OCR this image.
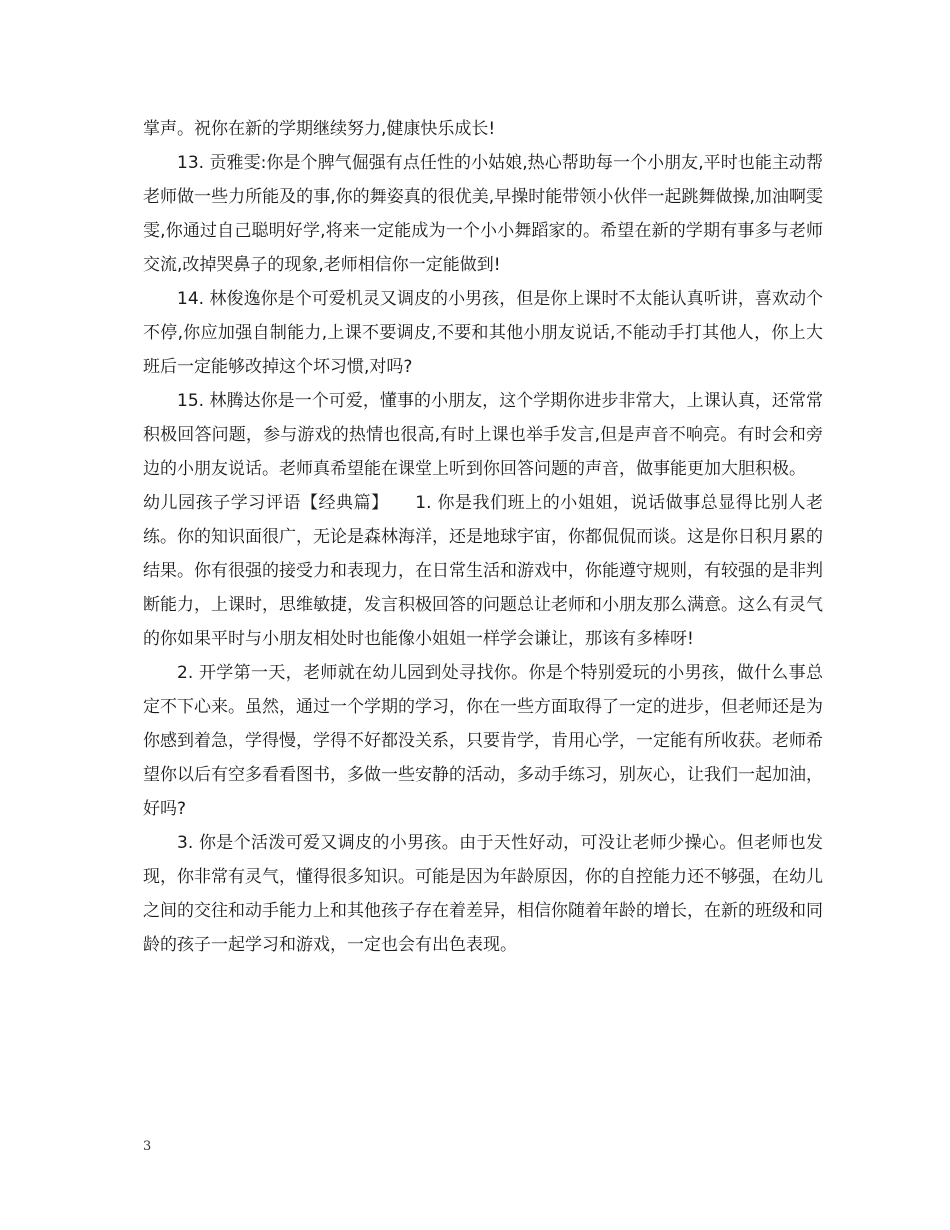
掌声。祝你在新的学期继续努力,健康快乐成长!

13. 贡雅雯:你是个脾气倔强有点任性的小姑娘,热心帮助每一个小朋友,平时也能主动帮老师做一些力所能及的事,你的舞姿真的很优美,早操时能带领小伙伴一起跳舞做操,加油啊雯雯,你通过自己聪明好学,将来一定能成为一个小小舞蹈家的。希望在新的学期有事多与老师交流,改掉哭鼻子的现象,老师相信你一定能做到!

14. 林俊逸你是个可爱机灵又调皮的小男孩，但是你上课时不太能认真听讲，喜欢动个不停,你应加强自制能力,上课不要调皮,不要和其他小朋友说话,不能动手打其他人，你上大班后一定能够改掉这个坏习惯,对吗?

15. 林腾达你是一个可爱，懂事的小朋友，这个学期你进步非常大，上课认真，还常常积极回答问题，参与游戏的热情也很高,有时上课也举手发言,但是声音不响亮。有时会和旁边的小朋友说话。老师真希望能在课堂上听到你回答问题的声音，做事能更加大胆积极。

幼儿园孩子学习评语【经典篇】　　1. 你是我们班上的小姐姐，说话做事总显得比别人老练。你的知识面很广，无论是森林海洋，还是地球宇宙，你都侃侃而谈。这是你日积月累的结果。你有很强的接受力和表现力，在日常生活和游戏中，你能遵守规则，有较强的是非判断能力，上课时，思维敏捷，发言积极回答的问题总让老师和小朋友那么满意。这么有灵气的你如果平时与小朋友相处时也能像小姐姐一样学会谦让，那该有多棒呀!

2. 开学第一天，老师就在幼儿园到处寻找你。你是个特别爱玩的小男孩，做什么事总定不下心来。虽然，通过一个学期的学习，你在一些方面取得了一定的进步，但老师还是为你感到着急，学得慢，学得不好都没关系，只要肯学，肯用心学，一定能有所收获。老师希望你以后有空多看看图书，多做一些安静的活动，多动手练习，别灰心，让我们一起加油，好吗?

3. 你是个活泼可爱又调皮的小男孩。由于天性好动，可没让老师少操心。但老师也发现，你非常有灵气，懂得很多知识。可能是因为年龄原因，你的自控能力还不够强，在幼儿之间的交往和动手能力上和其他孩子存在着差异，相信你随着年龄的增长，在新的班级和同龄的孩子一起学习和游戏，一定也会有出色表现。

3
